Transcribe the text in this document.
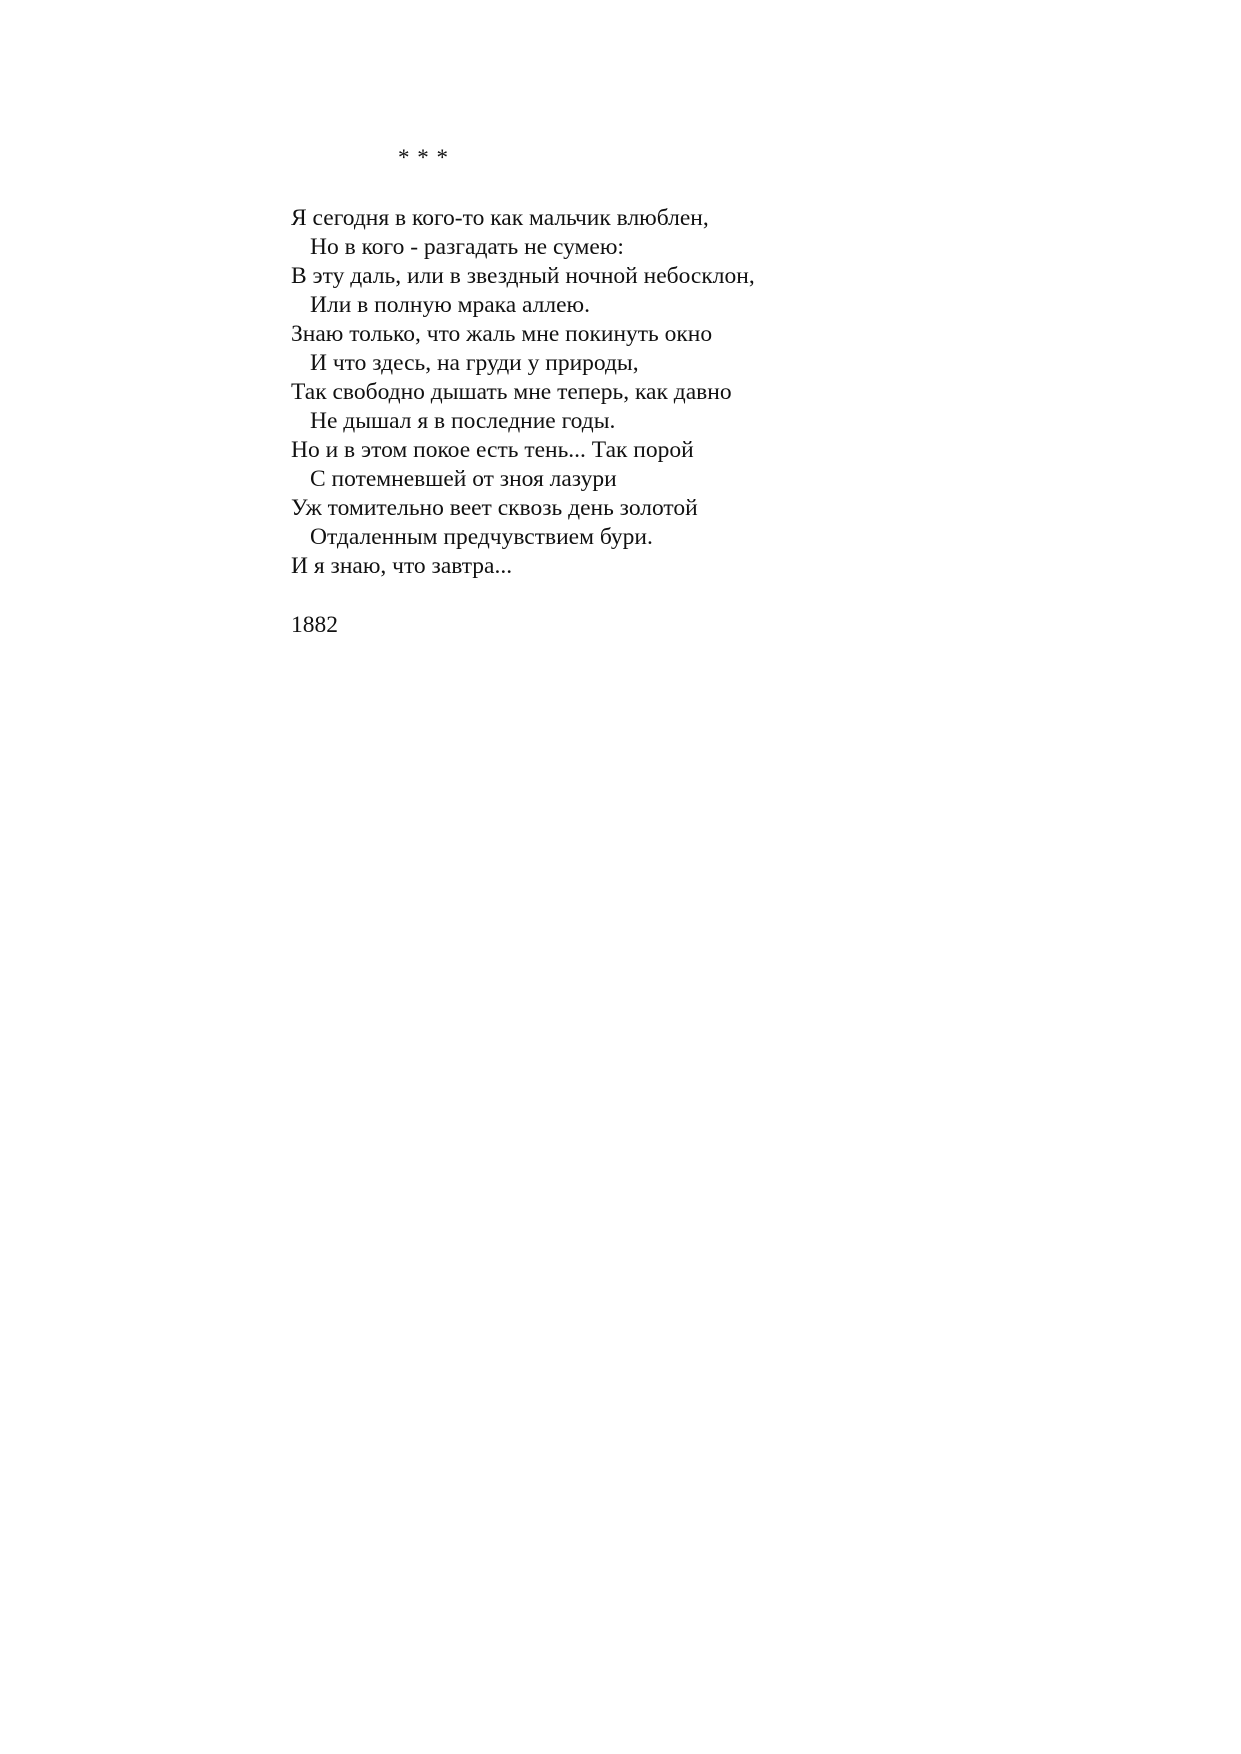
* * *
Я сегодня в кого-то как мальчик влюблен,
Но в кого - разгадать не сумею:
В эту даль, или в звездный ночной небосклон,
Или в полную мрака аллею.
Знаю только, что жаль мне покинуть окно
И что здесь, на груди у природы,
Так свободно дышать мне теперь, как давно
Не дышал я в последние годы.
Но и в этом покое есть тень... Так порой
С потемневшей от зноя лазури
Уж томительно веет сквозь день золотой
Отдаленным предчувствием бури.
И я знаю, что завтра...
1882
